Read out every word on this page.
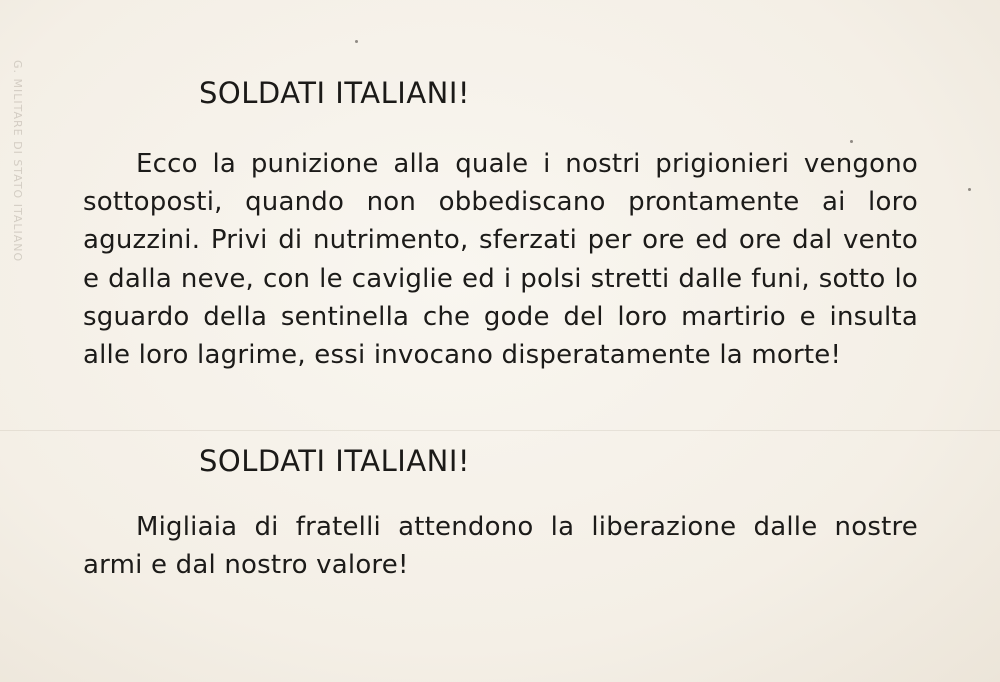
G. MILITARE DI STATO ITALIANO	SOLDATI ITALIANI!
Ecco la punizione alla quale i nostri prigionieri vengono sottoposti, quando non obbediscano prontamente ai loro aguzzini. Privi di nutrimento, sferzati per ore ed ore dal vento e dalla neve, con le caviglie ed i polsi stretti dalle funi, sotto lo sguardo della sentinella che gode del loro martirio e insulta alle loro lagrime, essi invocano disperatamente la morte!
SOLDATI ITALIANI!
Migliaia di fratelli attendono la liberazione dalle nostre armi e dal nostro valore!
